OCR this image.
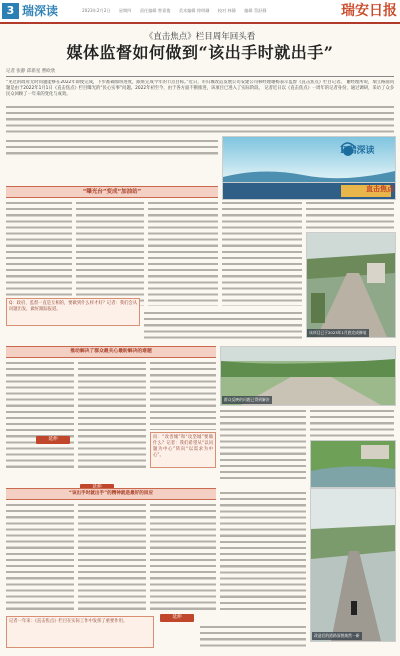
3 瑞深读	2023年2月2日 星期四 责任编辑 曾嘉俊 美术编辑 徐明珊 校对 林静 编辑 蔡舒静	瑞安日报
《直击焦点》栏目周年回头看
媒体监督如何做到“该出手时就出手”
记者 张静 邱新星 曹欧欣
“见过的政府无时问题能够在2022年即使完成，下步准确加班进度，跟班完成今年的节点目标。”近日，市归城改造发展公司安建公司移经理谢杨表示监督《直击焦点》栏目记者。 谢经理所说，瑞立路面问题是由于2022年1月1日《直击焦点》栏目曝光的“民心实事”问题。2022年初至今，由于各方面不断推进，该项目已进入了实际阶段。 记者近日以《直击焦点》一周年的记者身份，通过调研，采访了众多民众回顾了一年来的变化与成效。
R瑞深读
直击焦点
“曝光台”变成“加油站”
Q：政府、监督一直是互相的，要做到什么样才好？记者：我们会从问题出发，做好跟踪报道。
该项目已于2023年1月底完成修复
推动解决了群众最关心最盼解决的难题
群众反映的问题已得到解决
延伸	问：“改善城”和“攻坚城”要做什么？记者：我们希望从“以问题为中心”转向“以需求为中心”。
“该出手时就出手”的精神就是最好的回应
改造后的道路面貌焕然一新
延伸
记者一年来：《直击焦点》栏目在实际工作中发挥了重要作用。
